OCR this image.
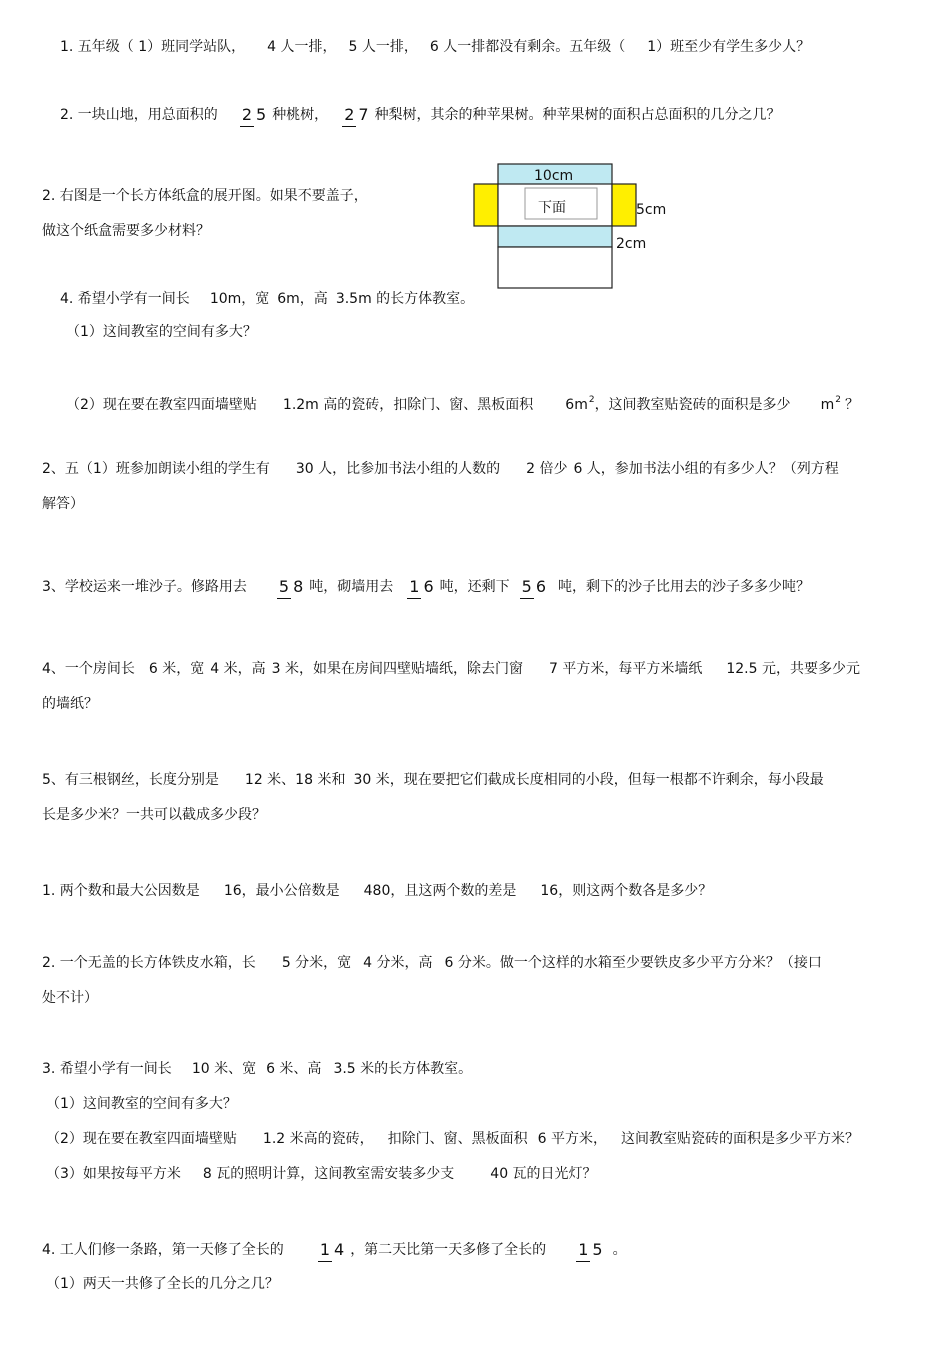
1. 五年级（ 1）班同学站队， 4 人一排， 5 人一排， 6 人一排都没有剩余。五年级（ 1）班至少有学生多少人？
2. 一块山地，用总面积的 2 5 种桃树， 2 7 种梨树，其余的种苹果树。种苹果树的面积占总面积的几分之几？
2. 右图是一个长方体纸盒的展开图。如果不要盖子，
做这个纸盒需要多少材料？
10cm
下面	5cm
2cm
4. 希望小学有一间长 10m，宽 6m，高 3.5m 的长方体教室。
（1）这间教室的空间有多大？
（2）现在要在教室四面墙壁贴 1.2m 高的瓷砖，扣除门、窗、黑板面积 $6m^2$，这间教室贴瓷砖的面积是多少 $m^2$ ？
2、五（1）班参加朗读小组的学生有 30 人，比参加书法小组的人数的 2 倍少 6 人，参加书法小组的有多少人？（列方程
解答）
3、学校运来一堆沙子。修路用去 5 8 吨，砌墙用去 1 6 吨，还剩下 5 6 吨，剩下的沙子比用去的沙子多多少吨？
4、一个房间长 6 米，宽 4 米，高 3 米，如果在房间四壁贴墙纸，除去门窗 7 平方米，每平方米墙纸 12.5 元，共要多少元
的墙纸？
5、有三根钢丝，长度分别是 12 米、18 米和 30 米，现在要把它们截成长度相同的小段，但每一根都不许剩余，每小段最
长是多少米？一共可以截成多少段？
1. 两个数和最大公因数是 16，最小公倍数是 480，且这两个数的差是 16，则这两个数各是多少？
2. 一个无盖的长方体铁皮水箱，长 5 分米，宽 4 分米，高 6 分米。做一个这样的水箱至少要铁皮多少平方分米？（接口
处不计）
3. 希望小学有一间长 10 米、宽 6 米、高 3.5 米的长方体教室。
（1）这间教室的空间有多大？
（2）现在要在教室四面墙壁贴 1.2 米高的瓷砖， 扣除门、窗、黑板面积 6 平方米， 这间教室贴瓷砖的面积是多少平方米？
（3）如果按每平方米 8 瓦的照明计算，这间教室需安装多少支	40 瓦的日光灯？
4. 工人们修一条路，第一天修了全长的 1 4 ，第二天比第一天多修了全长的 1 5 。
（1）两天一共修了全长的几分之几？
